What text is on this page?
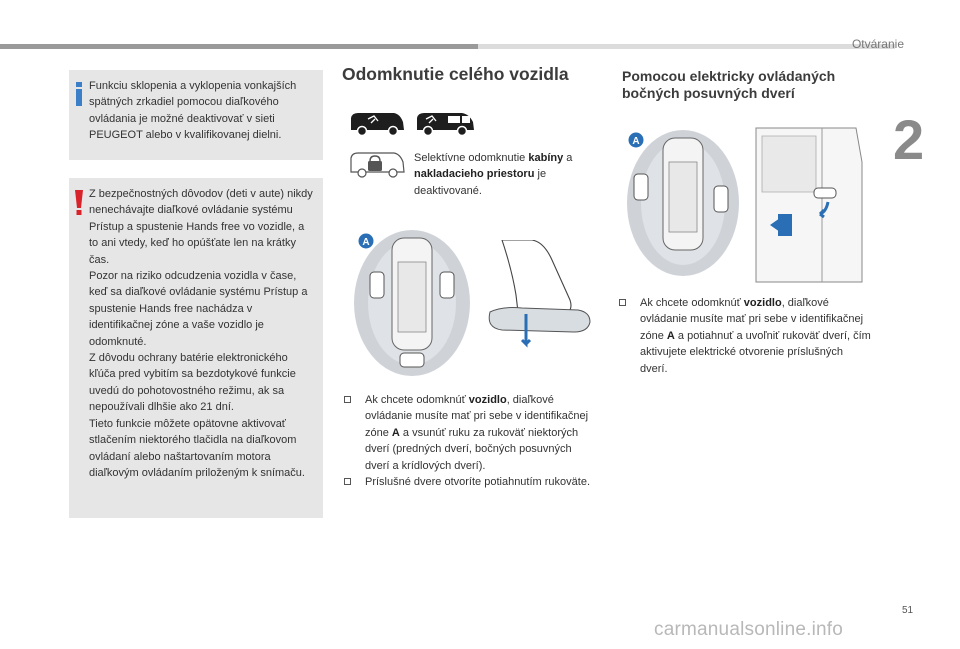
Otváranie
2
51
carmanualsonline.info

Funkciu sklopenia a vyklopenia vonkajších spätných zrkadiel pomocou diaľkového ovládania je možné deaktivovať v sieti PEUGEOT alebo v kvalifikovanej dielni.

Z bezpečnostných dôvodov (deti v aute) nikdy nenechávajte diaľkové ovládanie systému Prístup a spustenie Hands free vo vozidle, a to ani vtedy, keď ho opúšťate len na krátky čas.
Pozor na riziko odcudzenia vozidla v čase, keď sa diaľkové ovládanie systému Prístup a spustenie Hands free nachádza v identifikačnej zóne a vaše vozidlo je odomknuté.
Z dôvodu ochrany batérie elektronického kľúča pred vybitím sa bezdotykové funkcie uvedú do pohotovostného režimu, ak sa nepoužívali dlhšie ako 21 dní.
Tieto funkcie môžete opätovne aktivovať stlačením niektorého tlačidla na diaľkovom ovládaní alebo naštartovaním motora diaľkovým ovládaním priloženým k snímaču.

Odomknutie celého vozidla
Selektívne odomknutie kabíny a nakladacieho priestoru je deaktivované.
A
Ak chcete odomknúť vozidlo, diaľkové ovládanie musíte mať pri sebe v identifikačnej zóne A a vsunúť ruku za rukoväť niektorých dverí (predných dverí, bočných posuvných dverí a krídlových dverí).
Príslušné dvere otvoríte potiahnutím rukoväte.
Pomocou elektricky ovládaných bočných posuvných dverí
A
Ak chcete odomknúť vozidlo, diaľkové ovládanie musíte mať pri sebe v identifikačnej zóne A a potiahnuť a uvoľniť rukoväť dverí, čím aktivujete elektrické otvorenie príslušných dverí.
